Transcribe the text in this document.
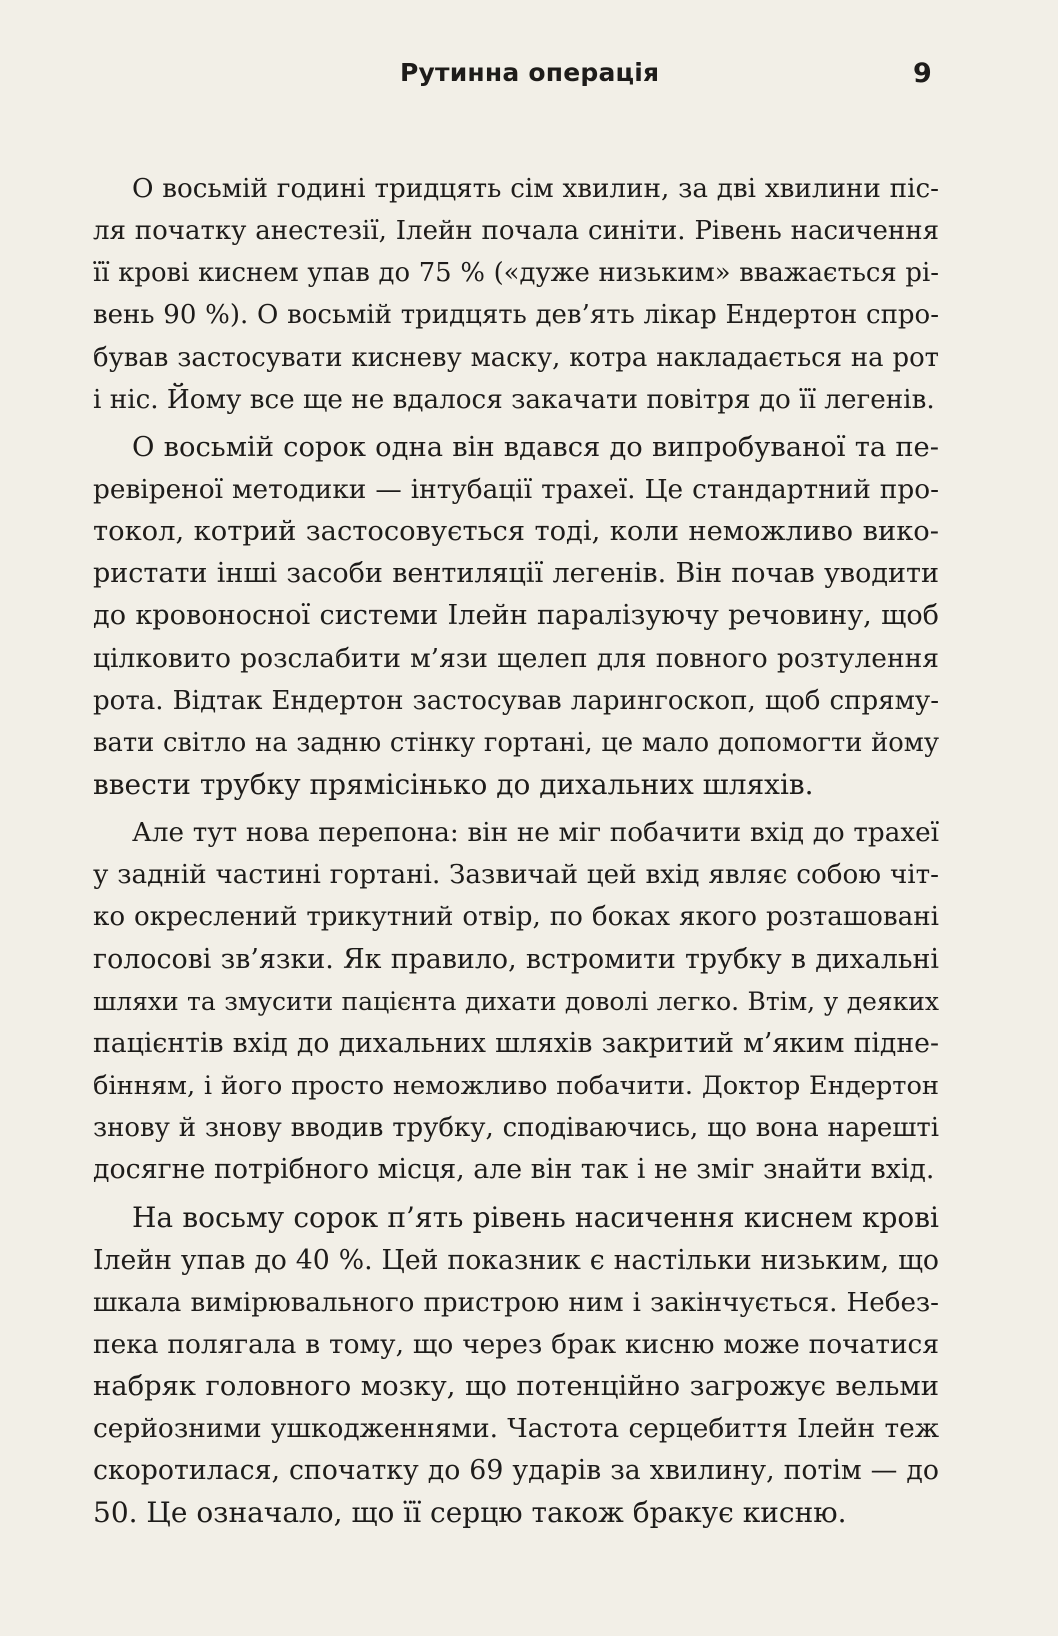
Рутинна операція	9
О восьмій годині тридцять сім хвилин, за дві хвилини піс-
ля початку анестезії, Ілейн почала синіти. Рівень насичення
її крові киснем упав до 75 % («дуже низьким» вважається рі-
вень 90 %). О восьмій тридцять дев’ять лікар Ендертон спро-
бував застосувати кисневу маску, котра накладається на рот
і ніс. Йому все ще не вдалося закачати повітря до її легенів.
О восьмій сорок одна він вдався до випробуваної та пе-
ревіреної методики — інтубації трахеї. Це стандартний про-
токол, котрий застосовується тоді, коли неможливо вико-
ристати інші засоби вентиляції легенів. Він почав уводити
до кровоносної системи Ілейн паралізуючу речовину, щоб
цілковито розслабити м’язи щелеп для повного розтулення
рота. Відтак Ендертон застосував ларингоскоп, щоб спряму-
вати світло на задню стінку гортані, це мало допомогти йому
ввести трубку прямісінько до дихальних шляхів.
Але тут нова перепона: він не міг побачити вхід до трахеї
у задній частині гортані. Зазвичай цей вхід являє собою чіт-
ко окреслений трикутний отвір, по боках якого розташовані
голосові зв’язки. Як правило, встромити трубку в дихальні
шляхи та змусити пацієнта дихати доволі легко. Втім, у деяких
пацієнтів вхід до дихальних шляхів закритий м’яким підне-
бінням, і його просто неможливо побачити. Доктор Ендертон
знову й знову вводив трубку, сподіваючись, що вона нарешті
досягне потрібного місця, але він так і не зміг знайти вхід.
На восьму сорок п’ять рівень насичення киснем крові
Ілейн упав до 40 %. Цей показник є настільки низьким, що
шкала вимірювального пристрою ним і закінчується. Небез-
пека полягала в тому, що через брак кисню може початися
набряк головного мозку, що потенційно загрожує вельми
серйозними ушкодженнями. Частота серцебиття Ілейн теж
скоротилася, спочатку до 69 ударів за хвилину, потім — до
50. Це означало, що її серцю також бракує кисню.
